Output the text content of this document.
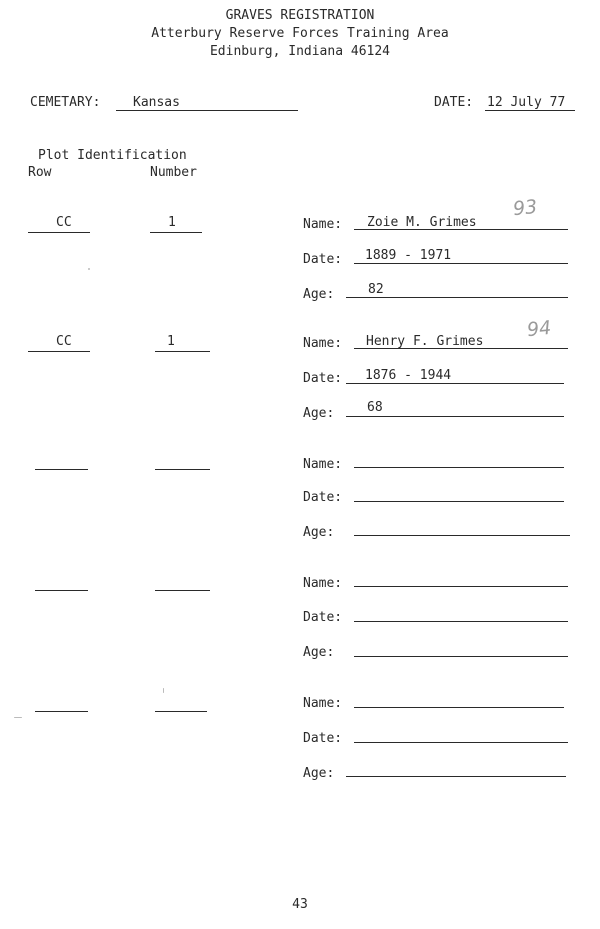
GRAVES REGISTRATION
Atterbury Reserve Forces Training Area
Edinburg, Indiana 46124
CEMETARY:	Kansas	DATE: 12 July 77
Plot Identification
Row	Number
CC	1	Name: Zoie M. Grimes
93
Date: 1889 - 1971
Age:	82
CC	1	Name: Henry F. Grimes
94
Date: 1876 - 1944
Age:	68
Name:
Date:
Age:
Name:
Date:
Age:
Name:
Date:
Age:
43
